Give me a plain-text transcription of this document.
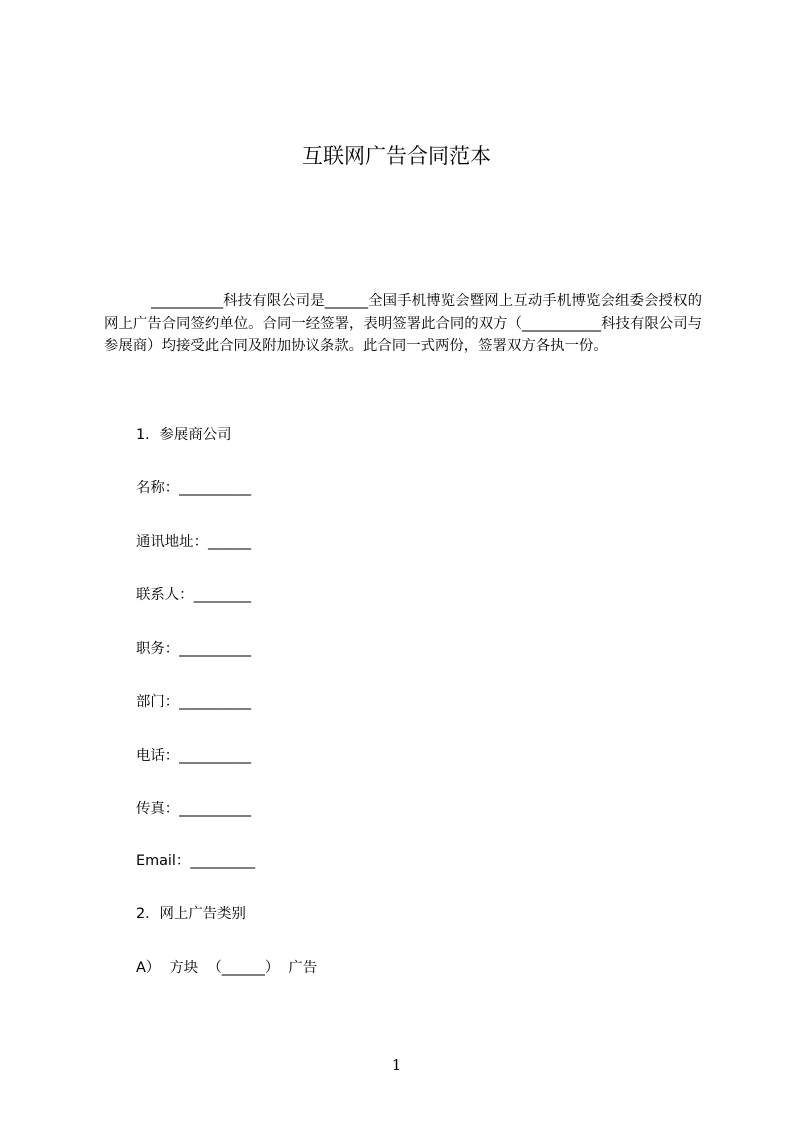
互联网广告合同范本
__________科技有限公司是______全国手机博览会暨网上互动手机博览会组委会授权的网上广告合同签约单位。合同一经签署，表明签署此合同的双方（___________科技有限公司与参展商）均接受此合同及附加协议条款。此合同一式两份，签署双方各执一份。
1．参展商公司
名称：__________
通讯地址：______
联系人：________
职务：__________
部门：__________
电话：__________
传真：__________
Email：_________
2．网上广告类别
A）  方块  （______）  广告
1
